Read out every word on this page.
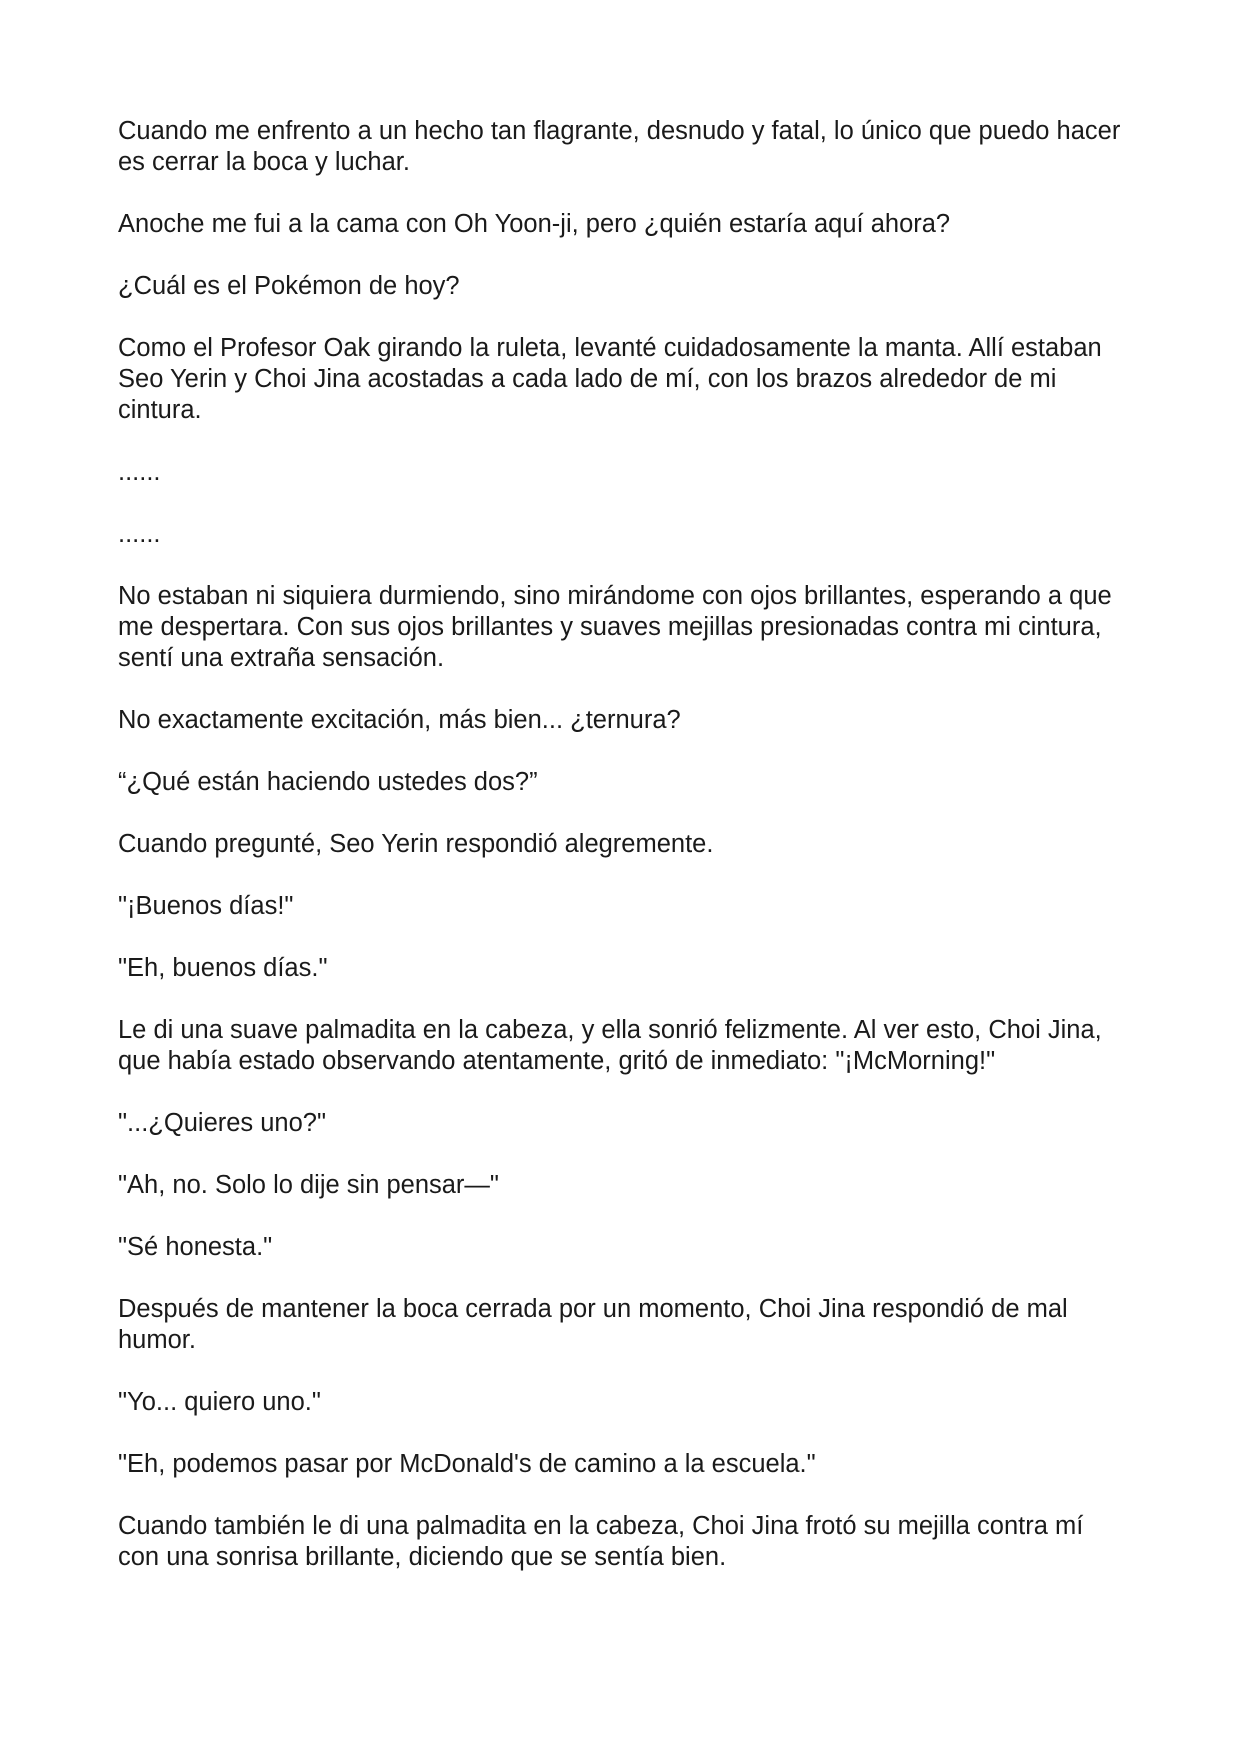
Cuando me enfrento a un hecho tan flagrante, desnudo y fatal, lo único que puedo hacer es cerrar la boca y luchar.

Anoche me fui a la cama con Oh Yoon-ji, pero ¿quién estaría aquí ahora?

¿Cuál es el Pokémon de hoy?

Como el Profesor Oak girando la ruleta, levanté cuidadosamente la manta. Allí estaban Seo Yerin y Choi Jina acostadas a cada lado de mí, con los brazos alrededor de mi cintura.

......

......

No estaban ni siquiera durmiendo, sino mirándome con ojos brillantes, esperando a que me despertara. Con sus ojos brillantes y suaves mejillas presionadas contra mi cintura, sentí una extraña sensación.

No exactamente excitación, más bien... ¿ternura?

“¿Qué están haciendo ustedes dos?”

Cuando pregunté, Seo Yerin respondió alegremente.

"¡Buenos días!"

"Eh, buenos días."

Le di una suave palmadita en la cabeza, y ella sonrió felizmente. Al ver esto, Choi Jina, que había estado observando atentamente, gritó de inmediato: "¡McMorning!"

"...¿Quieres uno?"

"Ah, no. Solo lo dije sin pensar—"

"Sé honesta."

Después de mantener la boca cerrada por un momento, Choi Jina respondió de mal humor.

"Yo... quiero uno."

"Eh, podemos pasar por McDonald's de camino a la escuela."

Cuando también le di una palmadita en la cabeza, Choi Jina frotó su mejilla contra mí con una sonrisa brillante, diciendo que se sentía bien.
